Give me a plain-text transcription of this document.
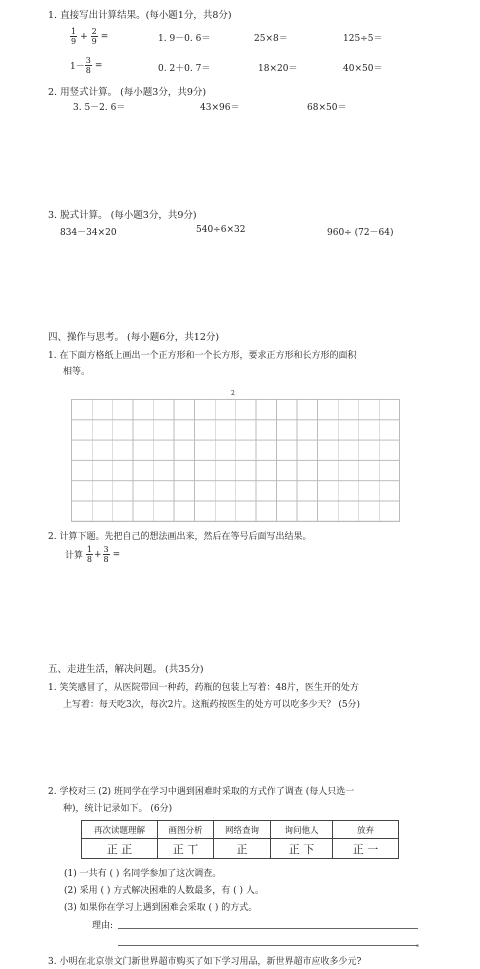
1. 直接写出计算结果。(每小题1分，共8分)
$\frac{1}{9} + \frac{2}{9}$ =	1. 9－0. 6＝	25×8＝	125÷5＝
$1- \frac{3}{8}$ =	0. 2＋0. 7＝	18×20＝	40×50＝
2. 用竖式计算。 (每小题3分，共9分)
3. 5－2. 6＝	43×96＝	68×50＝
3. 脱式计算。 (每小题3分，共9分)
834－34×20	540÷6×32	960÷ (72－64)
四、操作与思考。 (每小题6分，共12分)
1. 在下面方格纸上画出一个正方形和一个长方形，要求正方形和长方形的面积
相等。
2
2. 计算下题。先把自己的想法画出来，然后在等号后面写出结果。
计算 $\frac{1}{8} + \frac{3}{8}$ =
五、走进生活，解决问题。 (共35分)
1. 笑笑感冒了，从医院带回一种药，药瓶的包装上写着：48片，医生开的处方
上写着：每天吃3次，每次2片。这瓶药按医生的处方可以吃多少天？ (5分)
2. 学校对三 (2) 班同学在学习中遇到困难时采取的方式作了调查 (每人只选一
种)，统计记录如下。 (6分)
再次读题理解	画图分析	网络查询	询问他人	放弃
正 正	正 丅	正	正 下	正 一
(1) 一共有 ( ) 名同学参加了这次调查。
(2) 采用 ( ) 方式解决困难的人数最多，有 ( ) 人。
(3) 如果你在学习上遇到困难会采取 ( ) 的方式。
理由:
。
3. 小明在北京崇文门新世界超市购买了如下学习用品，新世界超市应收多少元?
